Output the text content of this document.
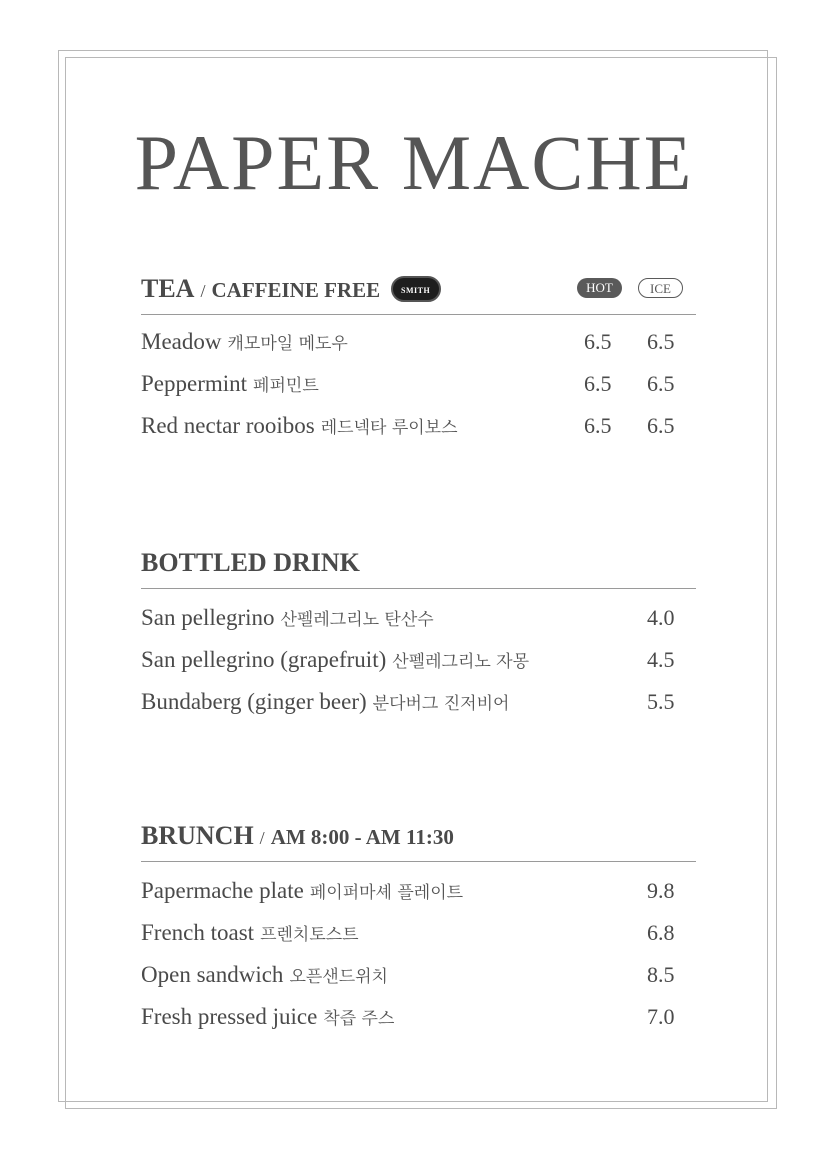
PAPER MACHE
TEA / CAFFEINE FREE	SMITH	HOT	ICE
Meadow 캐모마일 메도우	6.5 6.5
Peppermint 페퍼민트	6.5 6.5
Red nectar rooibos 레드넥타 루이보스	6.5 6.5
BOTTLED DRINK
San pellegrino 산펠레그리노 탄산수	4.0
San pellegrino (grapefruit) 산펠레그리노 자몽	4.5
Bundaberg (ginger beer) 분다버그 진저비어	5.5
BRUNCH / AM 8:00 - AM 11:30
Papermache plate 페이퍼마셰 플레이트	9.8
French toast 프렌치토스트	6.8
Open sandwich 오픈샌드위치	8.5
Fresh pressed juice 착즙 주스	7.0
